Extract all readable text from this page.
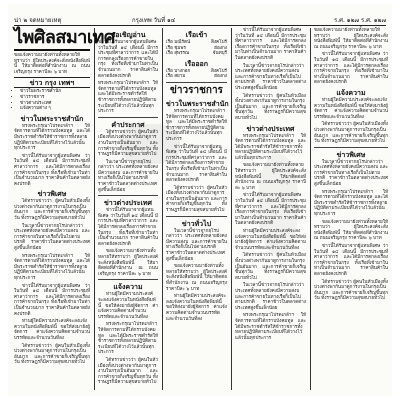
น่า ๒ จดหมายเหตุ	กรุงเทพ วันที่ ๑๔	ร.ศ. ๑๒๗ ร.ศ. ๑๒๗
ไพศิลสมาเทศ
ขอแจ้งความมายังท่านทั้งหลายให้ทราบว่า ผู้ใดประสงค์จะสั่งหนังสือพิมพ์นี้ ให้มาติดต่อที่สำนักงาน ณ ถนนเจริญกรุง ราคาปีละ ๖ บาท
ข่าว กรุง เทพฯ
• ข่าวในพระราชสำนัก
• ข่าวราชการ
• ข่าวต่างประเทศ
• แจ้งความต่าง ๆ
ข่าวในพระราชสำนัก
ทรงพระกรุณาโปรดเกล้าฯ ให้จัดการตามที่ได้กราบบังคมทูล และได้มีพระราชดำรัสให้ข้าราชการทั้งหลายปฏิบัติตามระเบียบที่ได้วางไว้แล้วนั้นทุกประการ
ข่าวนี้ได้รับมาจากผู้แทนพิเศษ ว่าในวันที่ ๑๔ เดือนนี้ มีการประชุมที่ศาลาว่าการ และได้มีการตกลงเรื่องการค้าขายในกรุง ทั้งเรือที่เข้ามาในท่าเป็นจำนวนมาก ราคาสินค้าในตลาดยังคงปรกติ
ข่าวพิเศษ
ได้ทราบข่าวว่า ผู้คนในหัวเมืองทั้งปวงต่างพากันมาดูการงานในกรุงเป็นอันมาก และการค้าขายก็เจริญขึ้นทุกวัน ทั้งราษฎรก็มีความสุขสบายทั่วไป
ในเวลานี้ข่าวจากยุโรปกล่าวว่า ประเทศทั้งหลายยังคงมีความสงบ และการค้าขายในทางเรือก็เป็นไปตามปรกติ ราคาข้าวในตลาดต่างประเทศสูงขึ้นเล็กน้อย
ทรงพระกรุณาโปรดเกล้าฯ ให้จัดการตามที่ได้กราบบังคมทูล และได้มีพระราชดำรัสให้ข้าราชการทั้งหลายปฏิบัติตามระเบียบที่ได้วางไว้แล้วนั้นทุกประการ
ข่าวนี้ได้รับมาจากผู้แทนพิเศษ ว่าในวันที่ ๑๔ เดือนนี้ มีการประชุมที่ศาลาว่าการ และได้มีการตกลงเรื่องการค้าขายในกรุง ทั้งเรือที่เข้ามาในท่าเป็นจำนวนมาก ราคาสินค้าในตลาดยังคงปรกติ
ท่านผู้ใดมีความประสงค์จะลงแจ้งความในหนังสือพิมพ์นี้ ขอให้ส่งมายังผู้จัดการ ค่าแจ้งความคิดตามจำนวนบรรทัดและจำนวนวันที่ลง
ได้ทราบข่าวว่า ผู้คนในหัวเมืองทั้งปวงต่างพากันมาดูการงานในกรุงเป็นอันมาก และการค้าขายก็เจริญขึ้นทุกวัน ทั้งราษฎรก็มีความสุขสบายทั่วไป
ขอเชิญอ่าน
ข่าวนี้ได้รับมาจากผู้แทนพิเศษ ว่าในวันที่ ๑๔ เดือนนี้ มีการประชุมที่ศาลาว่าการ และได้มีการตกลงเรื่องการค้าขายในกรุง ทั้งเรือที่เข้ามาในท่าเป็นจำนวนมาก ราคาสินค้าในตลาดยังคงปรกติ
ทรงพระกรุณาโปรดเกล้าฯ ให้จัดการตามที่ได้กราบบังคมทูล และได้มีพระราชดำรัสให้ข้าราชการทั้งหลายปฏิบัติตามระเบียบที่ได้วางไว้แล้วนั้นทุกประการ
คำประกาศ
ได้ทราบข่าวว่า ผู้คนในหัวเมืองทั้งปวงต่างพากันมาดูการงานในกรุงเป็นอันมาก และการค้าขายก็เจริญขึ้นทุกวัน ทั้งราษฎรก็มีความสุขสบายทั่วไป
ในเวลานี้ข่าวจากยุโรปกล่าวว่า ประเทศทั้งหลายยังคงมีความสงบ และการค้าขายในทางเรือก็เป็นไปตามปรกติ ราคาข้าวในตลาดต่างประเทศสูงขึ้นเล็กน้อย
ข่าวต่างประเทศ
ข่าวนี้ได้รับมาจากผู้แทนพิเศษ ว่าในวันที่ ๑๔ เดือนนี้ มีการประชุมที่ศาลาว่าการ และได้มีการตกลงเรื่องการค้าขายในกรุง ทั้งเรือที่เข้ามาในท่าเป็นจำนวนมาก ราคาสินค้าในตลาดยังคงปรกติ
ขอแจ้งความมายังท่านทั้งหลายให้ทราบว่า ผู้ใดประสงค์จะสั่งหนังสือพิมพ์นี้ ให้มาติดต่อที่สำนักงาน ณ ถนนเจริญกรุง ราคาปีละ ๖ บาท
แจ้งความ
ท่านผู้ใดมีความประสงค์จะลงแจ้งความในหนังสือพิมพ์นี้ ขอให้ส่งมายังผู้จัดการ ค่าแจ้งความคิดตามจำนวนบรรทัดและจำนวนวันที่ลง
ทรงพระกรุณาโปรดเกล้าฯ ให้จัดการตามที่ได้กราบบังคมทูล และได้มีพระราชดำรัสให้ข้าราชการทั้งหลายปฏิบัติตามระเบียบที่ได้วางไว้แล้วนั้นทุกประการ
ได้ทราบข่าวว่า ผู้คนในหัวเมืองทั้งปวงต่างพากันมาดูการงานในกรุงเป็นอันมาก และการค้าขายก็เจริญขึ้นทุกวัน ทั้งราษฎรก็มีความสุขสบายทั่วไป
เรือเข้า
เรือ มณีรัตน์	สิงคโปร์
เรือ ชุมพร	ฮ่องกง
เรือ สุพรรณ	จันทบุรี
เรือออก
เรือ บางกอก	สิงคโปร์
เรือ สยาม	ฮ่องกง
ข่าวราชการ
ข่าวในพระราชสำนัก
ทรงพระกรุณาโปรดเกล้าฯ ให้จัดการตามที่ได้กราบบังคมทูล และได้มีพระราชดำรัสให้ข้าราชการทั้งหลายปฏิบัติตามระเบียบที่ได้วางไว้แล้วนั้นทุกประการ
ข่าวนี้ได้รับมาจากผู้แทนพิเศษ ว่าในวันที่ ๑๔ เดือนนี้ มีการประชุมที่ศาลาว่าการ และได้มีการตกลงเรื่องการค้าขายในกรุง ทั้งเรือที่เข้ามาในท่าเป็นจำนวนมาก ราคาสินค้าในตลาดยังคงปรกติ
ได้ทราบข่าวว่า ผู้คนในหัวเมืองทั้งปวงต่างพากันมาดูการงานในกรุงเป็นอันมาก และการค้าขายก็เจริญขึ้นทุกวัน ทั้งราษฎรก็มีความสุขสบายทั่วไป
ข่าวทั่วไป
ในเวลานี้ข่าวจากยุโรปกล่าวว่า ประเทศทั้งหลายยังคงมีความสงบ และการค้าขายในทางเรือก็เป็นไปตามปรกติ ราคาข้าวในตลาดต่างประเทศสูงขึ้นเล็กน้อย
ขอแจ้งความมายังท่านทั้งหลายให้ทราบว่า ผู้ใดประสงค์จะสั่งหนังสือพิมพ์นี้ ให้มาติดต่อที่สำนักงาน ณ ถนนเจริญกรุง ราคาปีละ ๖ บาท
ท่านผู้ใดมีความประสงค์จะลงแจ้งความในหนังสือพิมพ์นี้ ขอให้ส่งมายังผู้จัดการ ค่าแจ้งความคิดตามจำนวนบรรทัดและจำนวนวันที่ลง
ข่าวนี้ได้รับมาจากผู้แทนพิเศษ ว่าในวันที่ ๑๔ เดือนนี้ มีการประชุมที่ศาลาว่าการ และได้มีการตกลงเรื่องการค้าขายในกรุง ทั้งเรือที่เข้ามาในท่าเป็นจำนวนมาก ราคาสินค้าในตลาดยังคงปรกติ
ในเวลานี้ข่าวจากยุโรปกล่าวว่า ประเทศทั้งหลายยังคงมีความสงบ และการค้าขายในทางเรือก็เป็นไปตามปรกติ ราคาข้าวในตลาดต่างประเทศสูงขึ้นเล็กน้อย
ได้ทราบข่าวว่า ผู้คนในหัวเมืองทั้งปวงต่างพากันมาดูการงานในกรุงเป็นอันมาก และการค้าขายก็เจริญขึ้นทุกวัน ทั้งราษฎรก็มีความสุขสบายทั่วไป
ข่าวต่างประเทศ
ทรงพระกรุณาโปรดเกล้าฯ ให้จัดการตามที่ได้กราบบังคมทูล และได้มีพระราชดำรัสให้ข้าราชการทั้งหลายปฏิบัติตามระเบียบที่ได้วางไว้แล้วนั้นทุกประการ
ขอแจ้งความมายังท่านทั้งหลายให้ทราบว่า ผู้ใดประสงค์จะสั่งหนังสือพิมพ์นี้ ให้มาติดต่อที่สำนักงาน ณ ถนนเจริญกรุง ราคาปีละ ๖ บาท
ข่าวนี้ได้รับมาจากผู้แทนพิเศษ ว่าในวันที่ ๑๔ เดือนนี้ มีการประชุมที่ศาลาว่าการ และได้มีการตกลงเรื่องการค้าขายในกรุง ทั้งเรือที่เข้ามาในท่าเป็นจำนวนมาก ราคาสินค้าในตลาดยังคงปรกติ
ท่านผู้ใดมีความประสงค์จะลงแจ้งความในหนังสือพิมพ์นี้ ขอให้ส่งมายังผู้จัดการ ค่าแจ้งความคิดตามจำนวนบรรทัดและจำนวนวันที่ลง
ได้ทราบข่าวว่า ผู้คนในหัวเมืองทั้งปวงต่างพากันมาดูการงานในกรุงเป็นอันมาก และการค้าขายก็เจริญขึ้นทุกวัน ทั้งราษฎรก็มีความสุขสบายทั่วไป
ในเวลานี้ข่าวจากยุโรปกล่าวว่า ประเทศทั้งหลายยังคงมีความสงบ และการค้าขายในทางเรือก็เป็นไปตามปรกติ ราคาข้าวในตลาดต่างประเทศสูงขึ้นเล็กน้อย
ทรงพระกรุณาโปรดเกล้าฯ ให้จัดการตามที่ได้กราบบังคมทูล และได้มีพระราชดำรัสให้ข้าราชการทั้งหลายปฏิบัติตามระเบียบที่ได้วางไว้แล้วนั้นทุกประการ
ขอแจ้งความมายังท่านทั้งหลายให้ทราบว่า ผู้ใดประสงค์จะสั่งหนังสือพิมพ์นี้ ให้มาติดต่อที่สำนักงาน ณ ถนนเจริญกรุง ราคาปีละ ๖ บาท
ข่าวนี้ได้รับมาจากผู้แทนพิเศษ ว่าในวันที่ ๑๔ เดือนนี้ มีการประชุมที่ศาลาว่าการ และได้มีการตกลงเรื่องการค้าขายในกรุง ทั้งเรือที่เข้ามาในท่าเป็นจำนวนมาก ราคาสินค้าในตลาดยังคงปรกติ
แจ้งความ
ท่านผู้ใดมีความประสงค์จะลงแจ้งความในหนังสือพิมพ์นี้ ขอให้ส่งมายังผู้จัดการ ค่าแจ้งความคิดตามจำนวนบรรทัดและจำนวนวันที่ลง
ได้ทราบข่าวว่า ผู้คนในหัวเมืองทั้งปวงต่างพากันมาดูการงานในกรุงเป็นอันมาก และการค้าขายก็เจริญขึ้นทุกวัน ทั้งราษฎรก็มีความสุขสบายทั่วไป
ข่าวพิเศษ
ในเวลานี้ข่าวจากยุโรปกล่าวว่า ประเทศทั้งหลายยังคงมีความสงบ และการค้าขายในทางเรือก็เป็นไปตามปรกติ ราคาข้าวในตลาดต่างประเทศสูงขึ้นเล็กน้อย
ทรงพระกรุณาโปรดเกล้าฯ ให้จัดการตามที่ได้กราบบังคมทูล และได้มีพระราชดำรัสให้ข้าราชการทั้งหลายปฏิบัติตามระเบียบที่ได้วางไว้แล้วนั้นทุกประการ
ขอแจ้งความมายังท่านทั้งหลายให้ทราบว่า ผู้ใดประสงค์จะสั่งหนังสือพิมพ์นี้ ให้มาติดต่อที่สำนักงาน ณ ถนนเจริญกรุง ราคาปีละ ๖ บาท
ข่าวนี้ได้รับมาจากผู้แทนพิเศษ ว่าในวันที่ ๑๔ เดือนนี้ มีการประชุมที่ศาลาว่าการ และได้มีการตกลงเรื่องการค้าขายในกรุง ทั้งเรือที่เข้ามาในท่าเป็นจำนวนมาก ราคาสินค้าในตลาดยังคงปรกติ
ได้ทราบข่าวว่า ผู้คนในหัวเมืองทั้งปวงต่างพากันมาดูการงานในกรุงเป็นอันมาก และการค้าขายก็เจริญขึ้นทุกวัน ทั้งราษฎรก็มีความสุขสบายทั่วไป
